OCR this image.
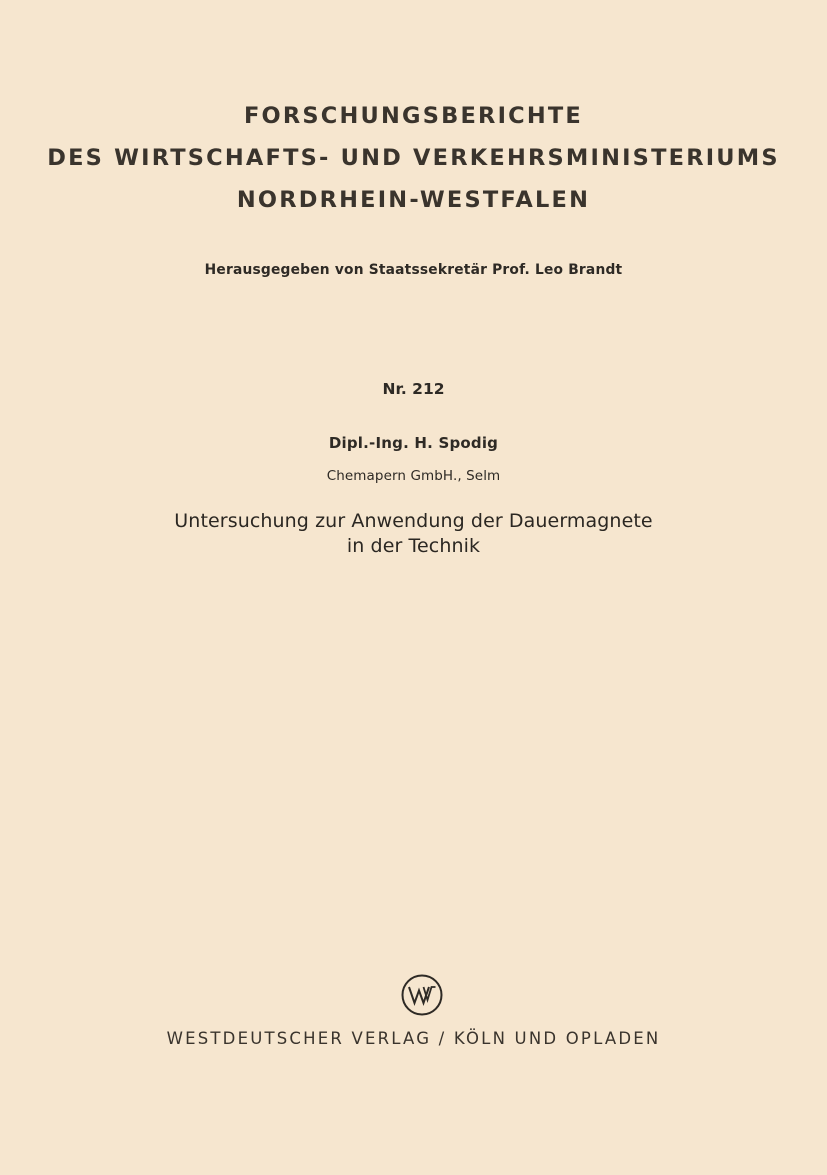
FORSCHUNGSBERICHTE
DES WIRTSCHAFTS- UND VERKEHRSMINISTERIUMS
NORDRHEIN-WESTFALEN
Herausgegeben von Staatssekretär Prof. Leo Brandt
Nr. 212
Dipl.-Ing. H. Spodig
Chemapern GmbH., Selm
Untersuchung zur Anwendung der Dauermagnete
in der Technik
WESTDEUTSCHER VERLAG / KÖLN UND OPLADEN
